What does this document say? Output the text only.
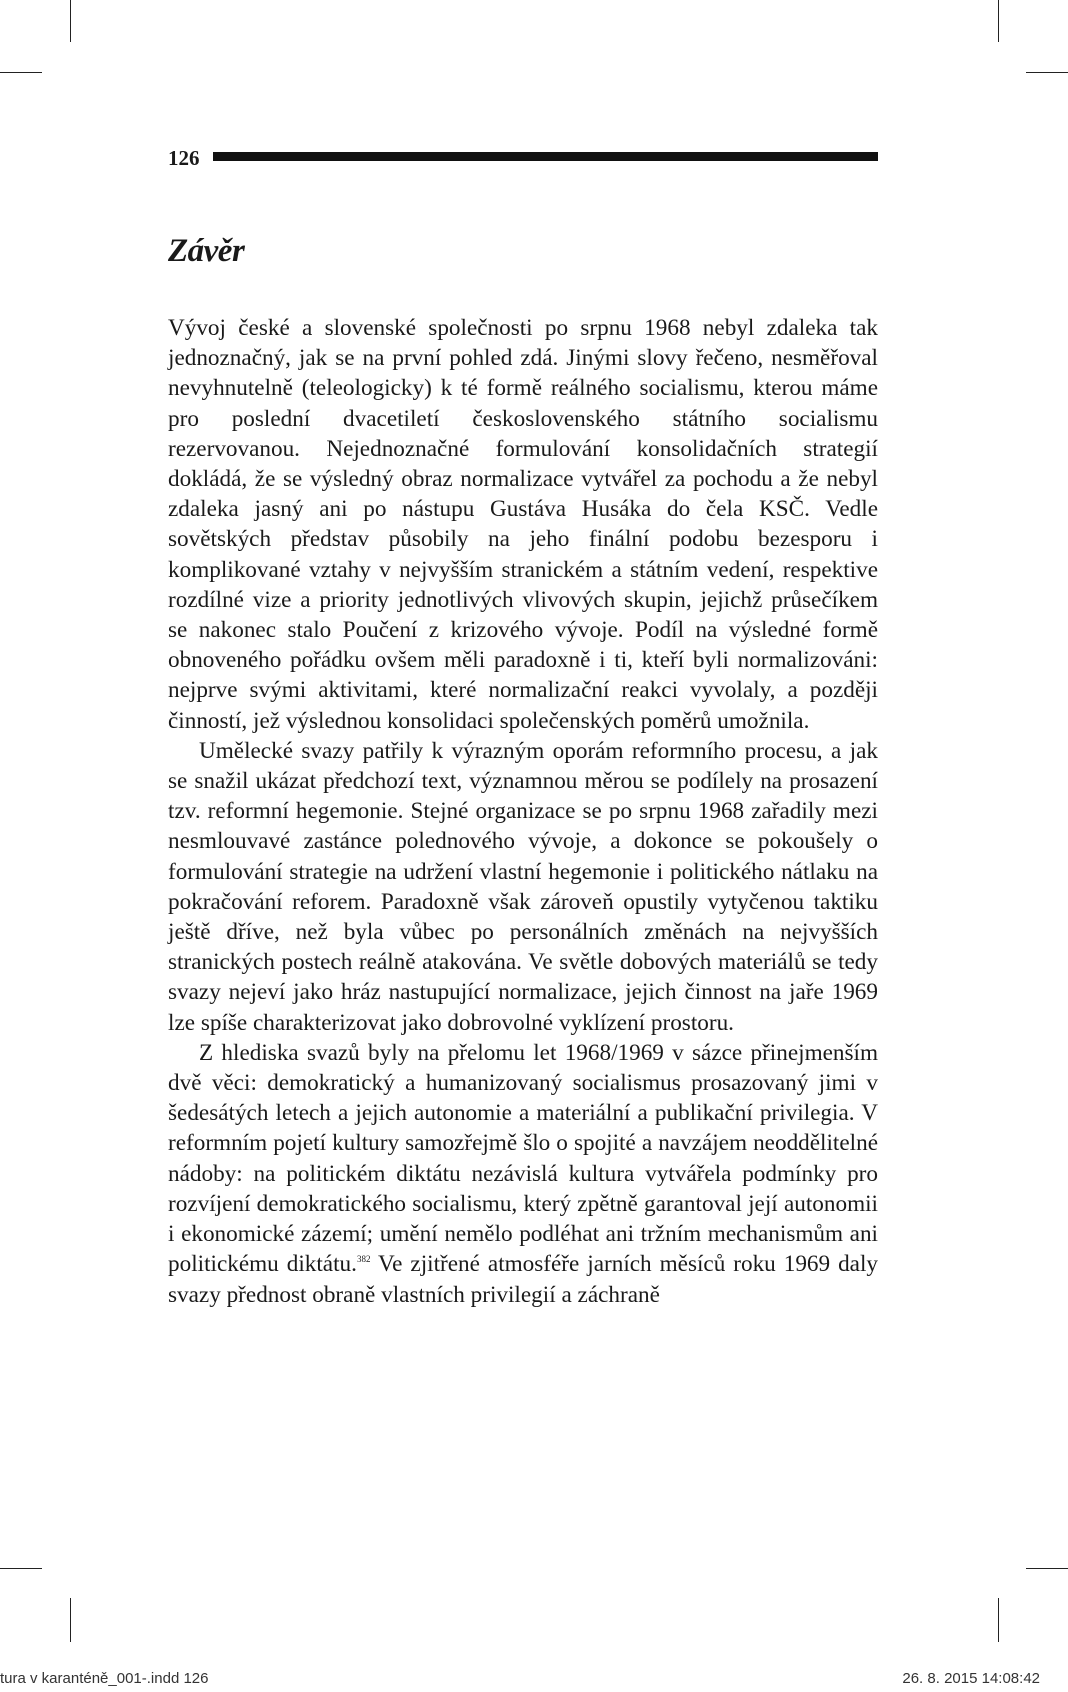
126
Závěr

Vývoj české a slovenské společnosti po srpnu 1968 nebyl zdaleka tak jednoznačný, jak se na první pohled zdá. Jinými slovy řečeno, nesměřoval nevyhnutelně (teleologicky) k té formě reálného socialismu, kterou máme pro poslední dvacetiletí československého státního socialismu rezervovanou. Nejednoznačné formulování konsolidačních strategií dokládá, že se výsledný obraz normalizace vytvářel za pochodu a že nebyl zdaleka jasný ani po nástupu Gustáva Husáka do čela KSČ. Vedle sovětských představ působily na jeho finální podobu bezesporu i komplikované vztahy v nejvyšším stranickém a státním vedení, respektive rozdílné vize a priority jednotlivých vlivových skupin, jejichž průsečíkem se nakonec stalo Poučení z krizového vývoje. Podíl na výsledné formě obnoveného pořádku ovšem měli paradoxně i ti, kteří byli normalizováni: nejprve svými aktivitami, které normalizační reakci vyvolaly, a později činností, jež výslednou konsolidaci společenských poměrů umožnila.

Umělecké svazy patřily k výrazným oporám reformního procesu, a jak se snažil ukázat předchozí text, významnou měrou se podílely na prosazení tzv. reformní hegemonie. Stejné organizace se po srpnu 1968 zařadily mezi nesmlouvavé zastánce polednového vývoje, a dokonce se pokoušely o formulování strategie na udržení vlastní hegemonie i politického nátlaku na pokračování reforem. Paradoxně však zároveň opustily vytyčenou taktiku ještě dříve, než byla vůbec po personálních změnách na nejvyšších stranických postech reálně atakována. Ve světle dobových materiálů se tedy svazy nejeví jako hráz nastupující normalizace, jejich činnost na jaře 1969 lze spíše charakterizovat jako dobrovolné vyklízení prostoru.

Z hlediska svazů byly na přelomu let 1968/1969 v sázce přinejmenším dvě věci: demokratický a humanizovaný socialismus prosazovaný jimi v šedesátých letech a jejich autonomie a materiální a publikační privilegia. V reformním pojetí kultury samozřejmě šlo o spojité a navzájem neoddělitelné nádoby: na politickém diktátu nezávislá kultura vytvářela podmínky pro rozvíjení demokratického socialismu, který zpětně garantoval její autonomii i ekonomické zázemí; umění nemělo podléhat ani tržním mechanismům ani politickému diktátu.$^{382}$ Ve zjitřené atmosféře jarních měsíců roku 1969 daly svazy přednost obraně vlastních privilegií a záchraně

tura v karanténě_001-.indd 126	26. 8. 2015 14:08:42
